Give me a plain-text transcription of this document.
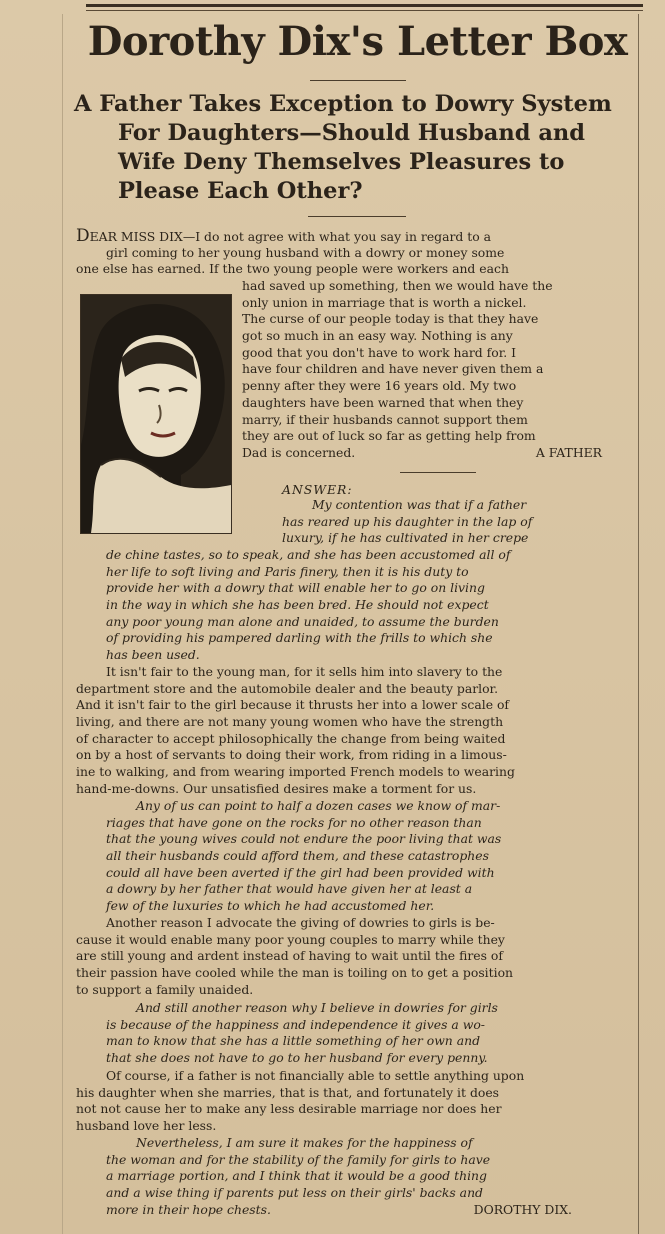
Dorothy Dix's Letter Box
A Father Takes Exception to Dowry System
For Daughters—Should Husband and
Wife Deny Themselves Pleasures to
Please Each Other?
DEAR MISS DIX—I do not agree with what you say in regard to a
girl coming to her young husband with a dowry or money some
one else has earned. If the two young people were workers and each
had saved up something, then we would have the
only union in marriage that is worth a nickel.
The curse of our people today is that they have
got so much in an easy way. Nothing is any
good that you don't have to work hard for. I
have four children and have never given them a
penny after they were 16 years old. My two
daughters have been warned that when they
marry, if their husbands cannot support them
they are out of luck so far as getting help from
Dad is concerned.	A FATHER
ANSWER:
My contention was that if a father
has reared up his daughter in the lap of
luxury, if he has cultivated in her crepe
de chine tastes, so to speak, and she has been accustomed all of
her life to soft living and Paris finery, then it is his duty to
provide her with a dowry that will enable her to go on living
in the way in which she has been bred. He should not expect
any poor young man alone and unaided, to assume the burden
of providing his pampered darling with the frills to which she
has been used.
It isn't fair to the young man, for it sells him into slavery to the
department store and the automobile dealer and the beauty parlor.
And it isn't fair to the girl because it thrusts her into a lower scale of
living, and there are not many young women who have the strength
of character to accept philosophically the change from being waited
on by a host of servants to doing their work, from riding in a limous-
ine to walking, and from wearing imported French models to wearing
hand-me-downs. Our unsatisfied desires make a torment for us.
Any of us can point to half a dozen cases we know of mar-
riages that have gone on the rocks for no other reason than
that the young wives could not endure the poor living that was
all their husbands could afford them, and these catastrophes
could all have been averted if the girl had been provided with
a dowry by her father that would have given her at least a
few of the luxuries to which he had accustomed her.
Another reason I advocate the giving of dowries to girls is be-
cause it would enable many poor young couples to marry while they
are still young and ardent instead of having to wait until the fires of
their passion have cooled while the man is toiling on to get a position
to support a family unaided.
And still another reason why I believe in dowries for girls
is because of the happiness and independence it gives a wo-
man to know that she has a little something of her own and
that she does not have to go to her husband for every penny.
Of course, if a father is not financially able to settle anything upon
his daughter when she marries, that is that, and fortunately it does
not not cause her to make any less desirable marriage nor does her
husband love her less.
Nevertheless, I am sure it makes for the happiness of
the woman and for the stability of the family for girls to have
a marriage portion, and I think that it would be a good thing
and a wise thing if parents put less on their girls' backs and
more in their hope chests.	DOROTHY DIX.
